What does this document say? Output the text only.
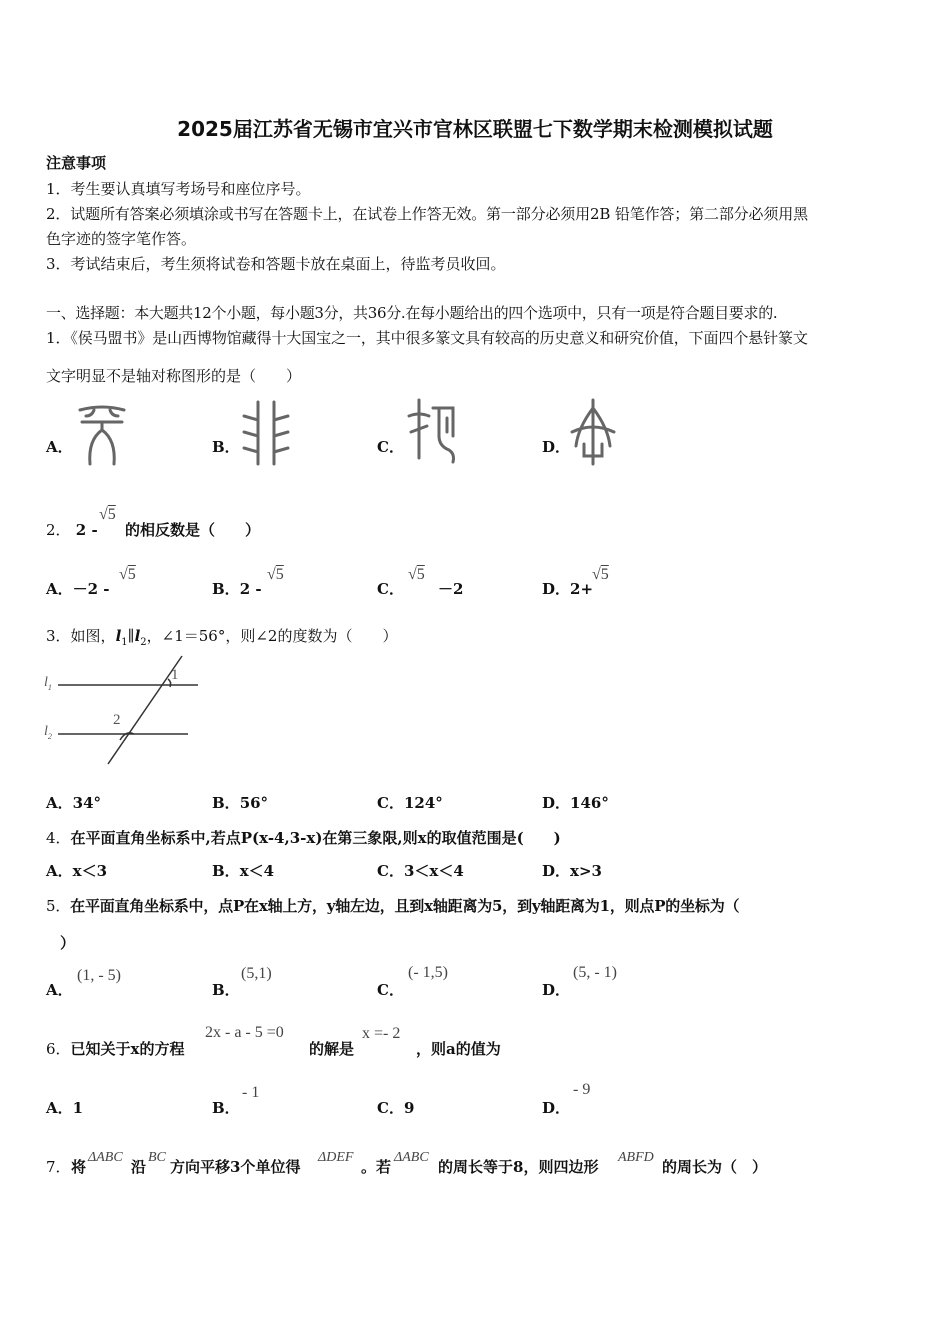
2025届江苏省无锡市宜兴市官林区联盟七下数学期末检测模拟试题
注意事项
1．考生要认真填写考场号和座位序号。
2．试题所有答案必须填涂或书写在答题卡上，在试卷上作答无效。第一部分必须用2B 铅笔作答；第二部分必须用黑
色字迹的签字笔作答。
3．考试结束后，考生须将试卷和答题卡放在桌面上，待监考员收回。
一、选择题：本大题共12个小题，每小题3分，共36分.在每小题给出的四个选项中，只有一项是符合题目要求的.
1．《侯马盟书》是山西博物馆藏得十大国宝之一，其中很多篆文具有较高的历史意义和研究价值，下面四个悬针篆文
文字明显不是轴对称图形的是（　　）
A．	B．	C．	D．
2． 2 -
√5
的相反数是（　　）
A．－2 -
√5
B．2 -
√5
C．
√5
－2	D．2+
√5
3．如图，$l_1\parallel l_2$，∠1＝56°，则∠2的度数为（　　）
$l_1$
$l_2$
1
2
A．34°	B．56°	C．124°	D．146°
4．在平面直角坐标系中,若点P(x-4,3-x)在第三象限,则x的取值范围是(　　)
A．x＜3	B．x＜4	C．3＜x＜4	D．x>3
5．在平面直角坐标系中，点P在x轴上方，y轴左边，且到x轴距离为5，到y轴距离为1，则点P的坐标为（
）
A．
(1, - 5)
B．
(5,1)
C．
(- 1,5)
D．
(5, - 1)
6．已知关于x的方程
2x - a - 5 =0
的解是
x =- 2
，则a的值为
A．1	B．
- 1
C．9	D．
- 9
7． 将
ΔABC
沿
BC
方向平移3个单位得
ΔDEF
。若
ΔABC
的周长等于8，则四边形
ABFD
的周长为（　）
